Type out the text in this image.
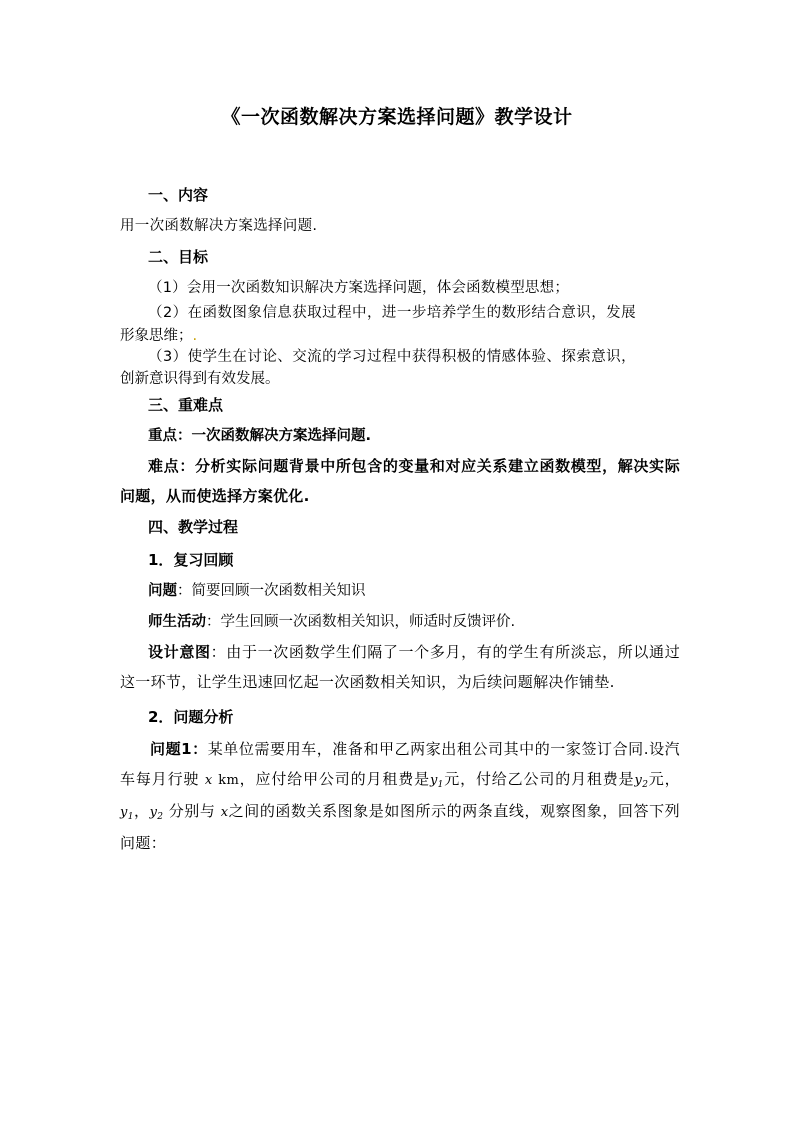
《一次函数解决方案选择问题》教学设计
一、内容
用一次函数解决方案选择问题.
二、目标
（1）会用一次函数知识解决方案选择问题，体会函数模型思想；
（2）在函数图象信息获取过程中，进一步培养学生的数形结合意识，发展
形象思维；.
（3）使学生在讨论、交流的学习过程中获得积极的情感体验、探索意识，
创新意识得到有效发展。
三、重难点
重点：一次函数解决方案选择问题.
难点：分析实际问题背景中所包含的变量和对应关系建立函数模型，解决实际问题，从而使选择方案优化.
四、教学过程
1．复习回顾
问题：简要回顾一次函数相关知识
师生活动：学生回顾一次函数相关知识，师适时反馈评价.
设计意图：由于一次函数学生们隔了一个多月，有的学生有所淡忘，所以通过这一环节，让学生迅速回忆起一次函数相关知识，为后续问题解决作铺垫.
2．问题分析
问题1：某单位需要用车，准备和甲乙两家出租公司其中的一家签订合同.设汽车每月行驶 x km，应付给甲公司的月租费是$y_1$元，付给乙公司的月租费是$y_2$元，$y_1$，$y_2$ 分别与 x之间的函数关系图象是如图所示的两条直线，观察图象，回答下列问题：
